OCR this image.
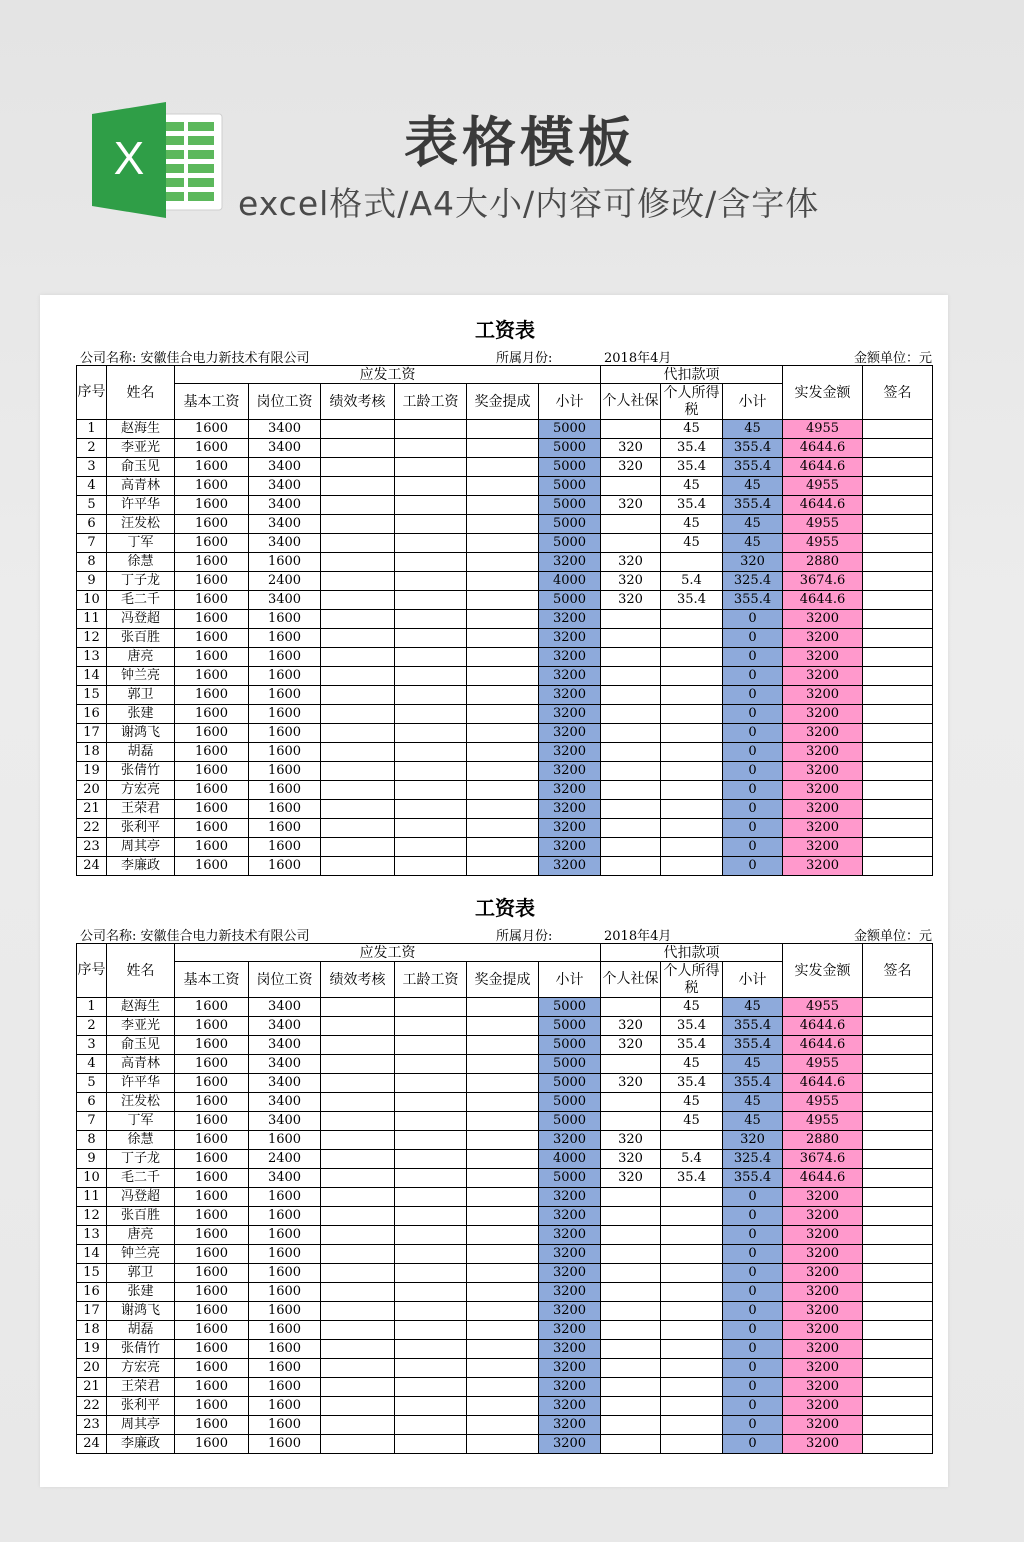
X	表格模板
excel格式/A4大小/内容可修改/含字体
工资表
公司名称: 安徽佳合电力新技术有限公司	所属月份:	2018年4月	金额单位：元
序号	姓名	应发工资						代扣款项			实发金额	签名
		基本工资	岗位工资	绩效考核	工龄工资	奖金提成	小计	个人社保	个人所得税	小计		
1	赵海生	1600	3400				5000		45	45	4955	
2	李亚光	1600	3400				5000	320	35.4	355.4	4644.6	
3	俞玉见	1600	3400				5000	320	35.4	355.4	4644.6	
4	高青林	1600	3400				5000		45	45	4955	
5	许平华	1600	3400				5000	320	35.4	355.4	4644.6	
6	汪发松	1600	3400				5000		45	45	4955	
7	丁军	1600	3400				5000		45	45	4955	
8	徐慧	1600	1600				3200	320		320	2880	
9	丁子龙	1600	2400				4000	320	5.4	325.4	3674.6	
10	毛二千	1600	3400				5000	320	35.4	355.4	4644.6	
11	冯登超	1600	1600				3200			0	3200	
12	张百胜	1600	1600				3200			0	3200	
13	唐亮	1600	1600				3200			0	3200	
14	钟兰亮	1600	1600				3200			0	3200	
15	郭卫	1600	1600				3200			0	3200	
16	张建	1600	1600				3200			0	3200	
17	谢鸿飞	1600	1600				3200			0	3200	
18	胡磊	1600	1600				3200			0	3200	
19	张倩竹	1600	1600				3200			0	3200	
20	方宏亮	1600	1600				3200			0	3200	
21	王荣君	1600	1600				3200			0	3200	
22	张利平	1600	1600				3200			0	3200	
23	周其亭	1600	1600				3200			0	3200	
24	李廉政	1600	1600				3200			0	3200	
工资表
公司名称: 安徽佳合电力新技术有限公司	所属月份:	2018年4月	金额单位：元
序号	姓名	应发工资						代扣款项			实发金额	签名
		基本工资	岗位工资	绩效考核	工龄工资	奖金提成	小计	个人社保	个人所得税	小计		
1	赵海生	1600	3400				5000		45	45	4955	
2	李亚光	1600	3400				5000	320	35.4	355.4	4644.6	
3	俞玉见	1600	3400				5000	320	35.4	355.4	4644.6	
4	高青林	1600	3400				5000		45	45	4955	
5	许平华	1600	3400				5000	320	35.4	355.4	4644.6	
6	汪发松	1600	3400				5000		45	45	4955	
7	丁军	1600	3400				5000		45	45	4955	
8	徐慧	1600	1600				3200	320		320	2880	
9	丁子龙	1600	2400				4000	320	5.4	325.4	3674.6	
10	毛二千	1600	3400				5000	320	35.4	355.4	4644.6	
11	冯登超	1600	1600				3200			0	3200	
12	张百胜	1600	1600				3200			0	3200	
13	唐亮	1600	1600				3200			0	3200	
14	钟兰亮	1600	1600				3200			0	3200	
15	郭卫	1600	1600				3200			0	3200	
16	张建	1600	1600				3200			0	3200	
17	谢鸿飞	1600	1600				3200			0	3200	
18	胡磊	1600	1600				3200			0	3200	
19	张倩竹	1600	1600				3200			0	3200	
20	方宏亮	1600	1600				3200			0	3200	
21	王荣君	1600	1600				3200			0	3200	
22	张利平	1600	1600				3200			0	3200	
23	周其亭	1600	1600				3200			0	3200	
24	李廉政	1600	1600				3200			0	3200	
